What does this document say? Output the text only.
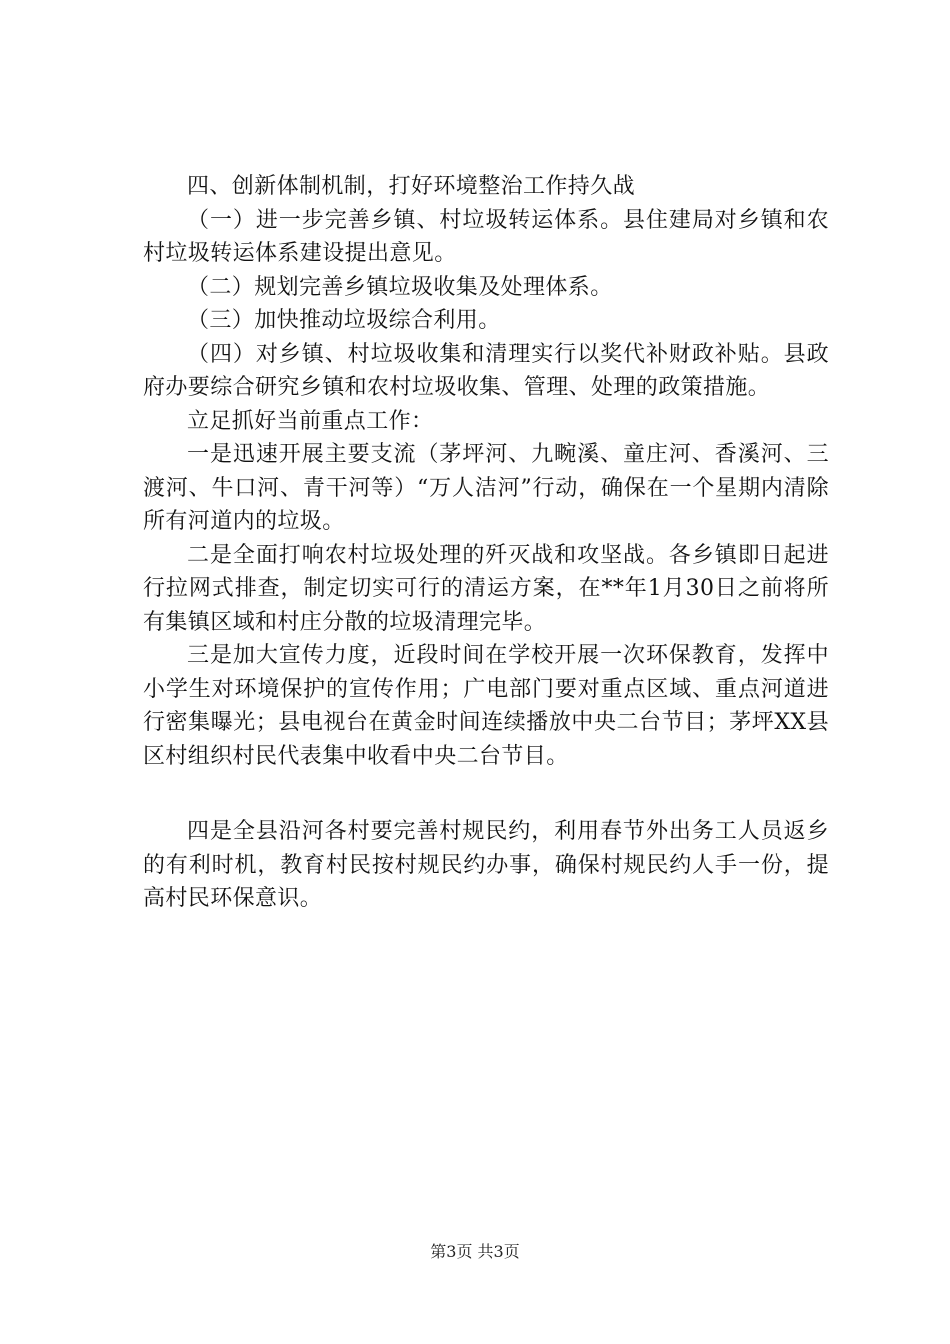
四、创新体制机制，打好环境整治工作持久战

（一）进一步完善乡镇、村垃圾转运体系。县住建局对乡镇和农村垃圾转运体系建设提出意见。

（二）规划完善乡镇垃圾收集及处理体系。

（三）加快推动垃圾综合利用。

（四）对乡镇、村垃圾收集和清理实行以奖代补财政补贴。县政府办要综合研究乡镇和农村垃圾收集、管理、处理的政策措施。

立足抓好当前重点工作：

一是迅速开展主要支流（茅坪河、九畹溪、童庄河、香溪河、三渡河、牛口河、青干河等）“万人洁河”行动，确保在一个星期内清除所有河道内的垃圾。

二是全面打响农村垃圾处理的歼灭战和攻坚战。各乡镇即日起进行拉网式排查，制定切实可行的清运方案，在**年1月30日之前将所有集镇区域和村庄分散的垃圾清理完毕。

三是加大宣传力度，近段时间在学校开展一次环保教育，发挥中小学生对环境保护的宣传作用；广电部门要对重点区域、重点河道进行密集曝光；县电视台在黄金时间连续播放中央二台节目；茅坪XX县区村组织村民代表集中收看中央二台节目。

四是全县沿河各村要完善村规民约，利用春节外出务工人员返乡的有利时机，教育村民按村规民约办事，确保村规民约人手一份，提高村民环保意识。

第3页 共3页
